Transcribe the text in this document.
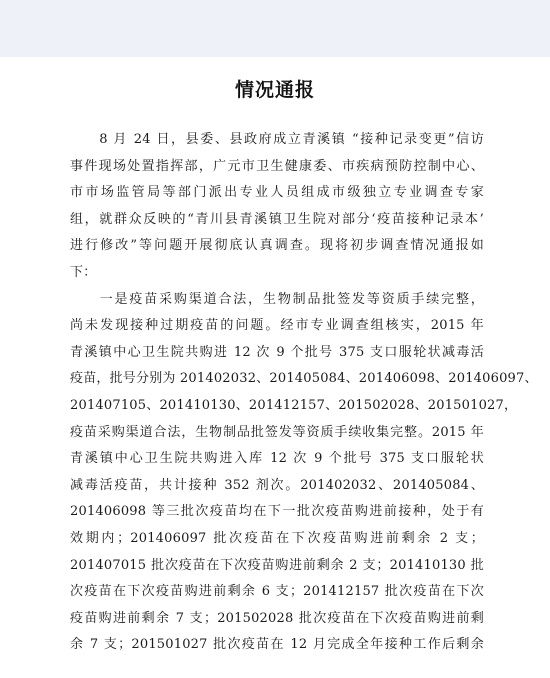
情况通报
　　8 月 24 日，县委、县政府成立青溪镇 “接种记录变更”信访
事件现场处置指挥部，广元市卫生健康委、市疾病预防控制中心、
市市场监管局等部门派出专业人员组成市级独立专业调查专家
组，就群众反映的“青川县青溪镇卫生院对部分‘疫苗接种记录本’
进行修改”等问题开展彻底认真调查。现将初步调查情况通报如
下：
　　一是疫苗采购渠道合法，生物制品批签发等资质手续完整，
尚未发现接种过期疫苗的问题。经市专业调查组核实，2015 年
青溪镇中心卫生院共购进 12 次 9 个批号 375 支口服轮状减毒活
疫苗，批号分别为 201402032、201405084、201406098、201406097、
201407105、201410130、201412157、201502028、201501027，
疫苗采购渠道合法，生物制品批签发等资质手续收集完整。2015 年
青溪镇中心卫生院共购进入库 12 次 9 个批号 375 支口服轮状
减毒活疫苗，共计接种 352 剂次。201402032、201405084、
201406098 等三批次疫苗均在下一批次疫苗购进前接种，处于有
效期内；201406097 批次疫苗在下次疫苗购进前剩余 2 支；
201407015 批次疫苗在下次疫苗购进前剩余 2 支；201410130 批
次疫苗在下次疫苗购进前剩余 6 支；201412157 批次疫苗在下次
疫苗购进前剩余 7 支；201502028 批次疫苗在下次疫苗购进前剩
余 7 支；201501027 批次疫苗在 12 月完成全年接种工作后剩余
